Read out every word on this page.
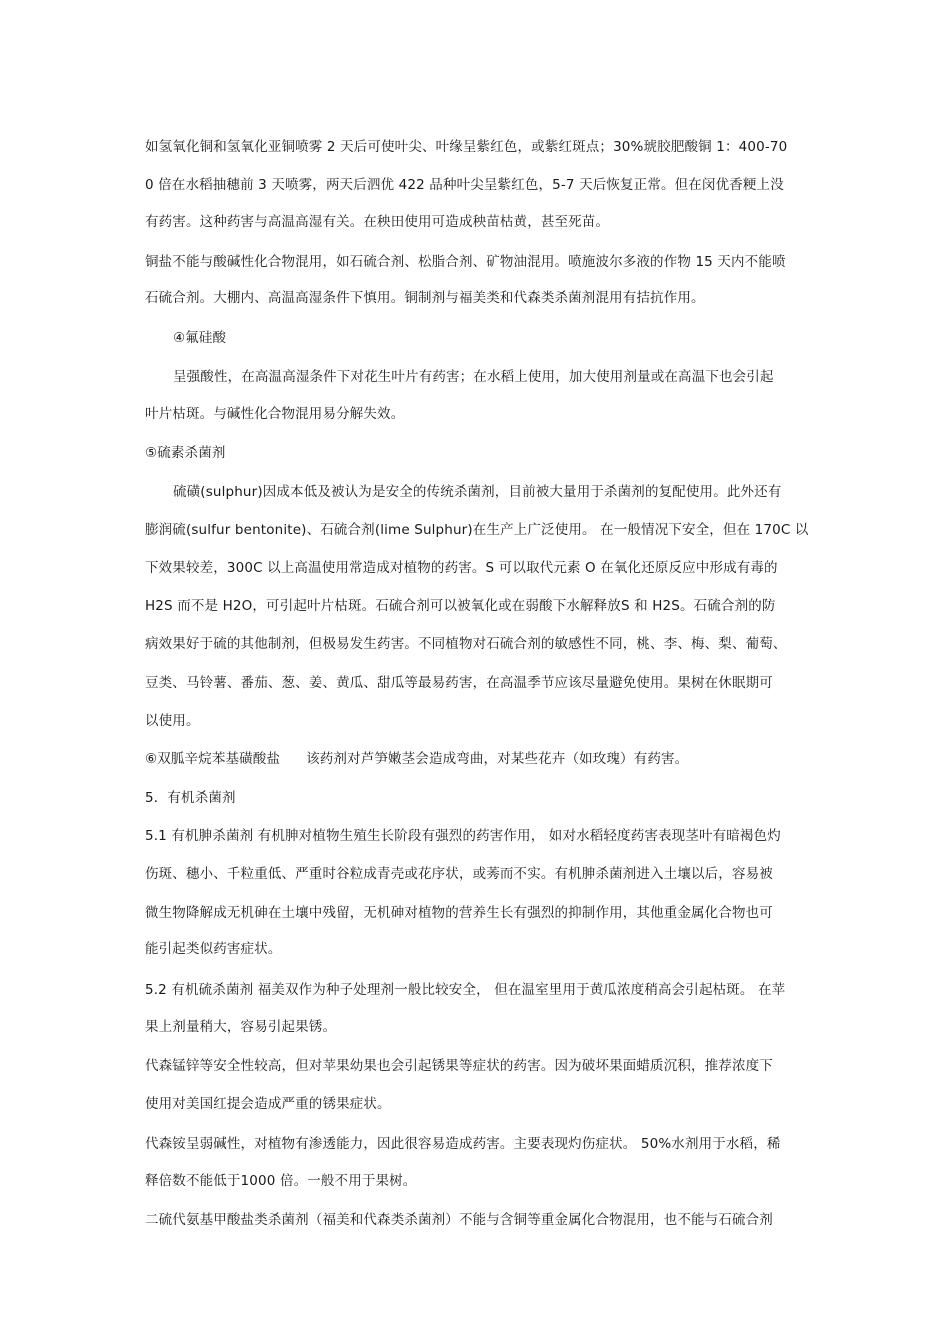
如氢氧化铜和氢氧化亚铜喷雾 2 天后可使叶尖、叶缘呈紫红色，或紫红斑点；30%琥胶肥酸铜 1：400-70
0 倍在水稻抽穗前 3 天喷雾，两天后泗优 422 品种叶尖呈紫红色，5-7 天后恢复正常。但在闵优香粳上没
有药害。这种药害与高温高湿有关。在秧田使用可造成秧苗枯黄，甚至死苗。
铜盐不能与酸碱性化合物混用，如石硫合剂、松脂合剂、矿物油混用。喷施波尔多液的作物 15 天内不能喷
石硫合剂。大棚内、高温高湿条件下慎用。铜制剂与福美类和代森类杀菌剂混用有拮抗作用。
④氟硅酸
呈强酸性，在高温高湿条件下对花生叶片有药害；在水稻上使用，加大使用剂量或在高温下也会引起
叶片枯斑。与碱性化合物混用易分解失效。
⑤硫素杀菌剂
硫磺(sulphur)因成本低及被认为是安全的传统杀菌剂，目前被大量用于杀菌剂的复配使用。此外还有
膨润硫(sulfur bentonite)、石硫合剂(lime Sulphur)在生产上广泛使用。 在一般情况下安全，但在 170C 以
下效果较差，300C 以上高温使用常造成对植物的药害。S 可以取代元素 O 在氧化还原反应中形成有毒的
H2S 而不是 H2O，可引起叶片枯斑。石硫合剂可以被氧化或在弱酸下水解释放S 和 H2S。石硫合剂的防
病效果好于硫的其他制剂，但极易发生药害。不同植物对石硫合剂的敏感性不同，桃、李、梅、梨、葡萄、
豆类、马铃薯、番茄、葱、姜、黄瓜、甜瓜等最易药害，在高温季节应该尽量避免使用。果树在休眠期可
以使用。
⑥双胍辛烷苯基磺酸盐 该药剂对芦笋嫩茎会造成弯曲，对某些花卉（如玫瑰）有药害。
5．有机杀菌剂
5.1 有机胂杀菌剂 有机胂对植物生殖生长阶段有强烈的药害作用， 如对水稻轻度药害表现茎叶有暗褐色灼
伤斑、穗小、千粒重低、严重时谷粒成青壳或花序状，或莠而不实。有机胂杀菌剂进入土壤以后，容易被
微生物降解成无机砷在土壤中残留，无机砷对植物的营养生长有强烈的抑制作用，其他重金属化合物也可
能引起类似药害症状。
5.2 有机硫杀菌剂 福美双作为种子处理剂一般比较安全， 但在温室里用于黄瓜浓度稍高会引起枯斑。 在苹
果上剂量稍大，容易引起果锈。
代森锰锌等安全性较高，但对苹果幼果也会引起锈果等症状的药害。因为破坏果面蜡质沉积，推荐浓度下
使用对美国红提会造成严重的锈果症状。
代森铵呈弱碱性，对植物有渗透能力，因此很容易造成药害。主要表现灼伤症状。 50%水剂用于水稻，稀
释倍数不能低于1000 倍。一般不用于果树。
二硫代氨基甲酸盐类杀菌剂（福美和代森类杀菌剂）不能与含铜等重金属化合物混用，也不能与石硫合剂
